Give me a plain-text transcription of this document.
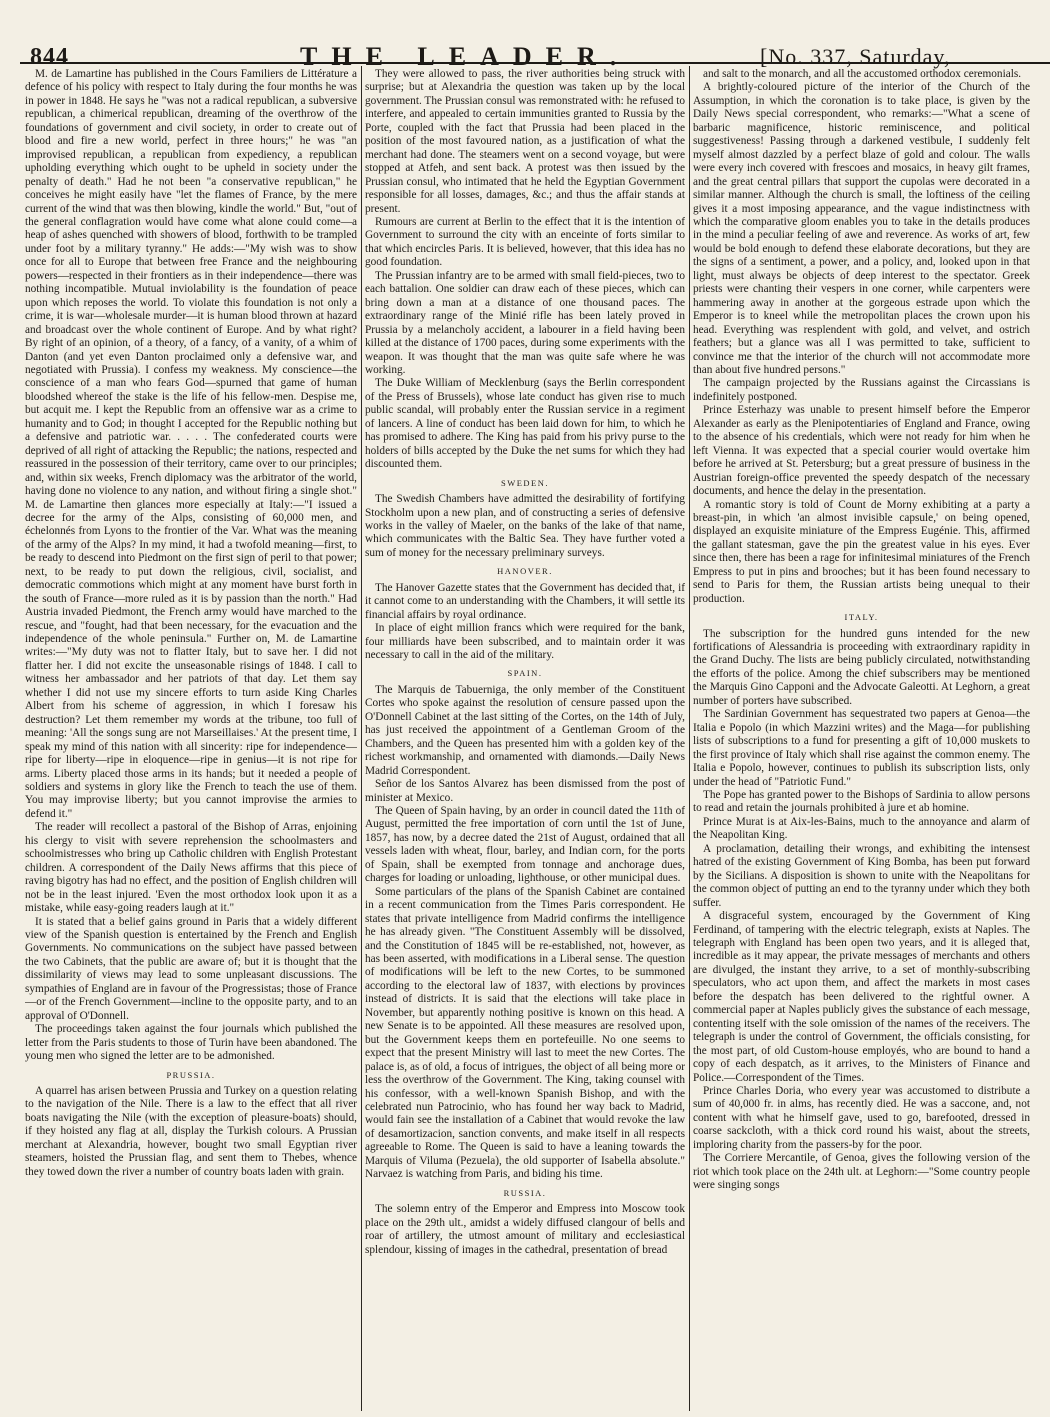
844	THE LEADER.	[No. 337, Saturday,

M. de Lamartine has published in the Cours Familiers de Littérature a defence of his policy with respect to Italy during the four months he was in power in 1848. He says he "was not a radical republican, a subversive republican, a chimerical republican, dreaming of the overthrow of the foundations of government and civil society, in order to create out of blood and fire a new world, perfect in three hours;" he was "an improvised republican, a republican from expediency, a republican upholding everything which ought to be upheld in society under the penalty of death." Had he not been "a conservative republican," he conceives he might easily have "let the flames of France, by the mere current of the wind that was then blowing, kindle the world." But, "out of the general conflagration would have come what alone could come—a heap of ashes quenched with showers of blood, forthwith to be trampled under foot by a military tyranny." He adds:—"My wish was to show once for all to Europe that between free France and the neighbouring powers—respected in their frontiers as in their independence—there was nothing incompatible. Mutual inviolability is the foundation of peace upon which reposes the world. To violate this foundation is not only a crime, it is war—wholesale murder—it is human blood thrown at hazard and broadcast over the whole continent of Europe. And by what right? By right of an opinion, of a theory, of a fancy, of a vanity, of a whim of Danton (and yet even Danton proclaimed only a defensive war, and negotiated with Prussia). I confess my weakness. My conscience—the conscience of a man who fears God—spurned that game of human bloodshed whereof the stake is the life of his fellow-men. Despise me, but acquit me. I kept the Republic from an offensive war as a crime to humanity and to God; in thought I accepted for the Republic nothing but a defensive and patriotic war. . . . . The confederated courts were deprived of all right of attacking the Republic; the nations, respected and reassured in the possession of their territory, came over to our principles; and, within six weeks, French diplomacy was the arbitrator of the world, having done no violence to any nation, and without firing a single shot." M. de Lamartine then glances more especially at Italy:—"I issued a decree for the army of the Alps, consisting of 60,000 men, and échelonnés from Lyons to the frontier of the Var. What was the meaning of the army of the Alps? In my mind, it had a twofold meaning—first, to be ready to descend into Piedmont on the first sign of peril to that power; next, to be ready to put down the religious, civil, socialist, and democratic commotions which might at any moment have burst forth in the south of France—more ruled as it is by passion than the north." Had Austria invaded Piedmont, the French army would have marched to the rescue, and "fought, had that been necessary, for the evacuation and the independence of the whole peninsula." Further on, M. de Lamartine writes:—"My duty was not to flatter Italy, but to save her. I did not flatter her. I did not excite the unseasonable risings of 1848. I call to witness her ambassador and her patriots of that day. Let them say whether I did not use my sincere efforts to turn aside King Charles Albert from his scheme of aggression, in which I foresaw his destruction? Let them remember my words at the tribune, too full of meaning: 'All the songs sung are not Marseillaises.' At the present time, I speak my mind of this nation with all sincerity: ripe for independence—ripe for liberty—ripe in eloquence—ripe in genius—it is not ripe for arms. Liberty placed those arms in its hands; but it needed a people of soldiers and systems in glory like the French to teach the use of them. You may improvise liberty; but you cannot improvise the armies to defend it."

The reader will recollect a pastoral of the Bishop of Arras, enjoining his clergy to visit with severe reprehension the schoolmasters and schoolmistresses who bring up Catholic children with English Protestant children. A correspondent of the Daily News affirms that this piece of raving bigotry has had no effect, and the position of English children will not be in the least injured. 'Even the most orthodox look upon it as a mistake, while easy-going readers laugh at it."

It is stated that a belief gains ground in Paris that a widely different view of the Spanish question is entertained by the French and English Governments. No communications on the subject have passed between the two Cabinets, that the public are aware of; but it is thought that the dissimilarity of views may lead to some unpleasant discussions. The sympathies of England are in favour of the Progressistas; those of France—or of the French Government—incline to the opposite party, and to an approval of O'Donnell.

The proceedings taken against the four journals which published the letter from the Paris students to those of Turin have been abandoned. The young men who signed the letter are to be admonished.

PRUSSIA.

A quarrel has arisen between Prussia and Turkey on a question relating to the navigation of the Nile. There is a law to the effect that all river boats navigating the Nile (with the exception of pleasure-boats) should, if they hoisted any flag at all, display the Turkish colours. A Prussian merchant at Alexandria, however, bought two small Egyptian river steamers, hoisted the Prussian flag, and sent them to Thebes, whence they towed down the river a number of country boats laden with grain.

They were allowed to pass, the river authorities being struck with surprise; but at Alexandria the question was taken up by the local government. The Prussian consul was remonstrated with: he refused to interfere, and appealed to certain immunities granted to Russia by the Porte, coupled with the fact that Prussia had been placed in the position of the most favoured nation, as a justification of what the merchant had done. The steamers went on a second voyage, but were stopped at Atfeh, and sent back. A protest was then issued by the Prussian consul, who intimated that he held the Egyptian Government responsible for all losses, damages, &c.; and thus the affair stands at present.

Rumours are current at Berlin to the effect that it is the intention of Government to surround the city with an enceinte of forts similar to that which encircles Paris. It is believed, however, that this idea has no good foundation.

The Prussian infantry are to be armed with small field-pieces, two to each battalion. One soldier can draw each of these pieces, which can bring down a man at a distance of one thousand paces. The extraordinary range of the Minié rifle has been lately proved in Prussia by a melancholy accident, a labourer in a field having been killed at the distance of 1700 paces, during some experiments with the weapon. It was thought that the man was quite safe where he was working.

The Duke William of Mecklenburg (says the Berlin correspondent of the Press of Brussels), whose late conduct has given rise to much public scandal, will probably enter the Russian service in a regiment of lancers. A line of conduct has been laid down for him, to which he has promised to adhere. The King has paid from his privy purse to the holders of bills accepted by the Duke the net sums for which they had discounted them.

SWEDEN.

The Swedish Chambers have admitted the desirability of fortifying Stockholm upon a new plan, and of constructing a series of defensive works in the valley of Maeler, on the banks of the lake of that name, which communicates with the Baltic Sea. They have further voted a sum of money for the necessary preliminary surveys.

HANOVER.

The Hanover Gazette states that the Government has decided that, if it cannot come to an understanding with the Chambers, it will settle its financial affairs by royal ordinance.

In place of eight million francs which were required for the bank, four milliards have been subscribed, and to maintain order it was necessary to call in the aid of the military.

SPAIN.

The Marquis de Tabuerniga, the only member of the Constituent Cortes who spoke against the resolution of censure passed upon the O'Donnell Cabinet at the last sitting of the Cortes, on the 14th of July, has just received the appointment of a Gentleman Groom of the Chambers, and the Queen has presented him with a golden key of the richest workmanship, and ornamented with diamonds.—Daily News Madrid Correspondent.

Señor de los Santos Alvarez has been dismissed from the post of minister at Mexico.

The Queen of Spain having, by an order in council dated the 11th of August, permitted the free importation of corn until the 1st of June, 1857, has now, by a decree dated the 21st of August, ordained that all vessels laden with wheat, flour, barley, and Indian corn, for the ports of Spain, shall be exempted from tonnage and anchorage dues, charges for loading or unloading, lighthouse, or other municipal dues.

Some particulars of the plans of the Spanish Cabinet are contained in a recent communication from the Times Paris correspondent. He states that private intelligence from Madrid confirms the intelligence he has already given. "The Constituent Assembly will be dissolved, and the Constitution of 1845 will be re-established, not, however, as has been asserted, with modifications in a Liberal sense. The question of modifications will be left to the new Cortes, to be summoned according to the electoral law of 1837, with elections by provinces instead of districts. It is said that the elections will take place in November, but apparently nothing positive is known on this head. A new Senate is to be appointed. All these measures are resolved upon, but the Government keeps them en portefeuille. No one seems to expect that the present Ministry will last to meet the new Cortes. The palace is, as of old, a focus of intrigues, the object of all being more or less the overthrow of the Government. The King, taking counsel with his confessor, with a well-known Spanish Bishop, and with the celebrated nun Patrocinio, who has found her way back to Madrid, would fain see the installation of a Cabinet that would revoke the law of desamortizacion, sanction convents, and make itself in all respects agreeable to Rome. The Queen is said to have a leaning towards the Marquis of Viluma (Pezuela), the old supporter of Isabella absolute." Narvaez is watching from Paris, and biding his time.

RUSSIA.

The solemn entry of the Emperor and Empress into Moscow took place on the 29th ult., amidst a widely diffused clangour of bells and roar of artillery, the utmost amount of military and ecclesiastical splendour, kissing of images in the cathedral, presentation of bread

and salt to the monarch, and all the accustomed orthodox ceremonials.

A brightly-coloured picture of the interior of the Church of the Assumption, in which the coronation is to take place, is given by the Daily News special correspondent, who remarks:—"What a scene of barbaric magnificence, historic reminiscence, and political suggestiveness! Passing through a darkened vestibule, I suddenly felt myself almost dazzled by a perfect blaze of gold and colour. The walls were every inch covered with frescoes and mosaics, in heavy gilt frames, and the great central pillars that support the cupolas were decorated in a similar manner. Although the church is small, the loftiness of the ceiling gives it a most imposing appearance, and the vague indistinctness with which the comparative gloom enables you to take in the details produces in the mind a peculiar feeling of awe and reverence. As works of art, few would be bold enough to defend these elaborate decorations, but they are the signs of a sentiment, a power, and a policy, and, looked upon in that light, must always be objects of deep interest to the spectator. Greek priests were chanting their vespers in one corner, while carpenters were hammering away in another at the gorgeous estrade upon which the Emperor is to kneel while the metropolitan places the crown upon his head. Everything was resplendent with gold, and velvet, and ostrich feathers; but a glance was all I was permitted to take, sufficient to convince me that the interior of the church will not accommodate more than about five hundred persons."

The campaign projected by the Russians against the Circassians is indefinitely postponed.

Prince Esterhazy was unable to present himself before the Emperor Alexander as early as the Plenipotentiaries of England and France, owing to the absence of his credentials, which were not ready for him when he left Vienna. It was expected that a special courier would overtake him before he arrived at St. Petersburg; but a great pressure of business in the Austrian foreign-office prevented the speedy despatch of the necessary documents, and hence the delay in the presentation.

A romantic story is told of Count de Morny exhibiting at a party a breast-pin, in which 'an almost invisible capsule,' on being opened, displayed an exquisite miniature of the Empress Eugénie. This, affirmed the gallant statesman, gave the pin the greatest value in his eyes. Ever since then, there has been a rage for infinitesimal miniatures of the French Empress to put in pins and brooches; but it has been found necessary to send to Paris for them, the Russian artists being unequal to their production.

ITALY.

The subscription for the hundred guns intended for the new fortifications of Alessandria is proceeding with extraordinary rapidity in the Grand Duchy. The lists are being publicly circulated, notwithstanding the efforts of the police. Among the chief subscribers may be mentioned the Marquis Gino Capponi and the Advocate Galeotti. At Leghorn, a great number of porters have subscribed.

The Sardinian Government has sequestrated two papers at Genoa—the Italia e Popolo (in which Mazzini writes) and the Maga—for publishing lists of subscriptions to a fund for presenting a gift of 10,000 muskets to the first province of Italy which shall rise against the common enemy. The Italia e Popolo, however, continues to publish its subscription lists, only under the head of "Patriotic Fund."

The Pope has granted power to the Bishops of Sardinia to allow persons to read and retain the journals prohibited à jure et ab homine.

Prince Murat is at Aix-les-Bains, much to the annoyance and alarm of the Neapolitan King.

A proclamation, detailing their wrongs, and exhibiting the intensest hatred of the existing Government of King Bomba, has been put forward by the Sicilians. A disposition is shown to unite with the Neapolitans for the common object of putting an end to the tyranny under which they both suffer.

A disgraceful system, encouraged by the Government of King Ferdinand, of tampering with the electric telegraph, exists at Naples. The telegraph with England has been open two years, and it is alleged that, incredible as it may appear, the private messages of merchants and others are divulged, the instant they arrive, to a set of monthly-subscribing speculators, who act upon them, and affect the markets in most cases before the despatch has been delivered to the rightful owner. A commercial paper at Naples publicly gives the substance of each message, contenting itself with the sole omission of the names of the receivers. The telegraph is under the control of Government, the officials consisting, for the most part, of old Custom-house employés, who are bound to hand a copy of each despatch, as it arrives, to the Ministers of Finance and Police.—Correspondent of the Times.

Prince Charles Doria, who every year was accustomed to distribute a sum of 40,000 fr. in alms, has recently died. He was a saccone, and, not content with what he himself gave, used to go, barefooted, dressed in coarse sackcloth, with a thick cord round his waist, about the streets, imploring charity from the passers-by for the poor.

The Corriere Mercantile, of Genoa, gives the following version of the riot which took place on the 24th ult. at Leghorn:—"Some country people were singing songs
